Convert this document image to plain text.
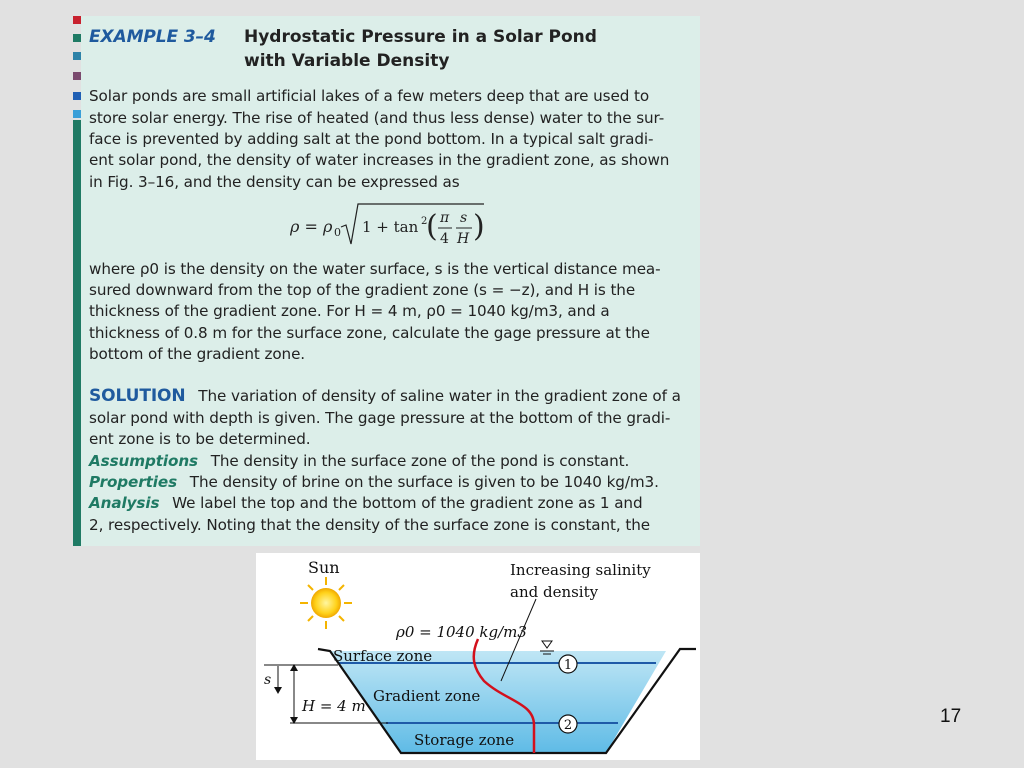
EXAMPLE 3–4 Hydrostatic Pressure in a Solar Pond
with Variable Density
Solar ponds are small artificial lakes of a few meters deep that are used to
store solar energy. The rise of heated (and thus less dense) water to the sur-
face is prevented by adding salt at the pond bottom. In a typical salt gradi-
ent solar pond, the density of water increases in the gradient zone, as shown
in Fig. 3–16, and the density can be expressed as
ρ = ρ 0 1 + tan 2
( π
4
s
H )
where ρ0 is the density on the water surface, s is the vertical distance mea-
sured downward from the top of the gradient zone (s = −z), and H is the
thickness of the gradient zone. For H = 4 m, ρ0 = 1040 kg/m3, and a
thickness of 0.8 m for the surface zone, calculate the gage pressure at the
bottom of the gradient zone.
SOLUTION The variation of density of saline water in the gradient zone of a
solar pond with depth is given. The gage pressure at the bottom of the gradi-
ent zone is to be determined.
Assumptions The density in the surface zone of the pond is constant.
Properties The density of brine on the surface is given to be 1040 kg/m3.
Analysis We label the top and the bottom of the gradient zone as 1 and
2, respectively. Noting that the density of the surface zone is constant, the
1
2
s
Sun	Increasing salinity
and density
ρ0 = 1040 kg/m3
Surface zone
Gradient zone
Storage zone
H = 4 m	17
